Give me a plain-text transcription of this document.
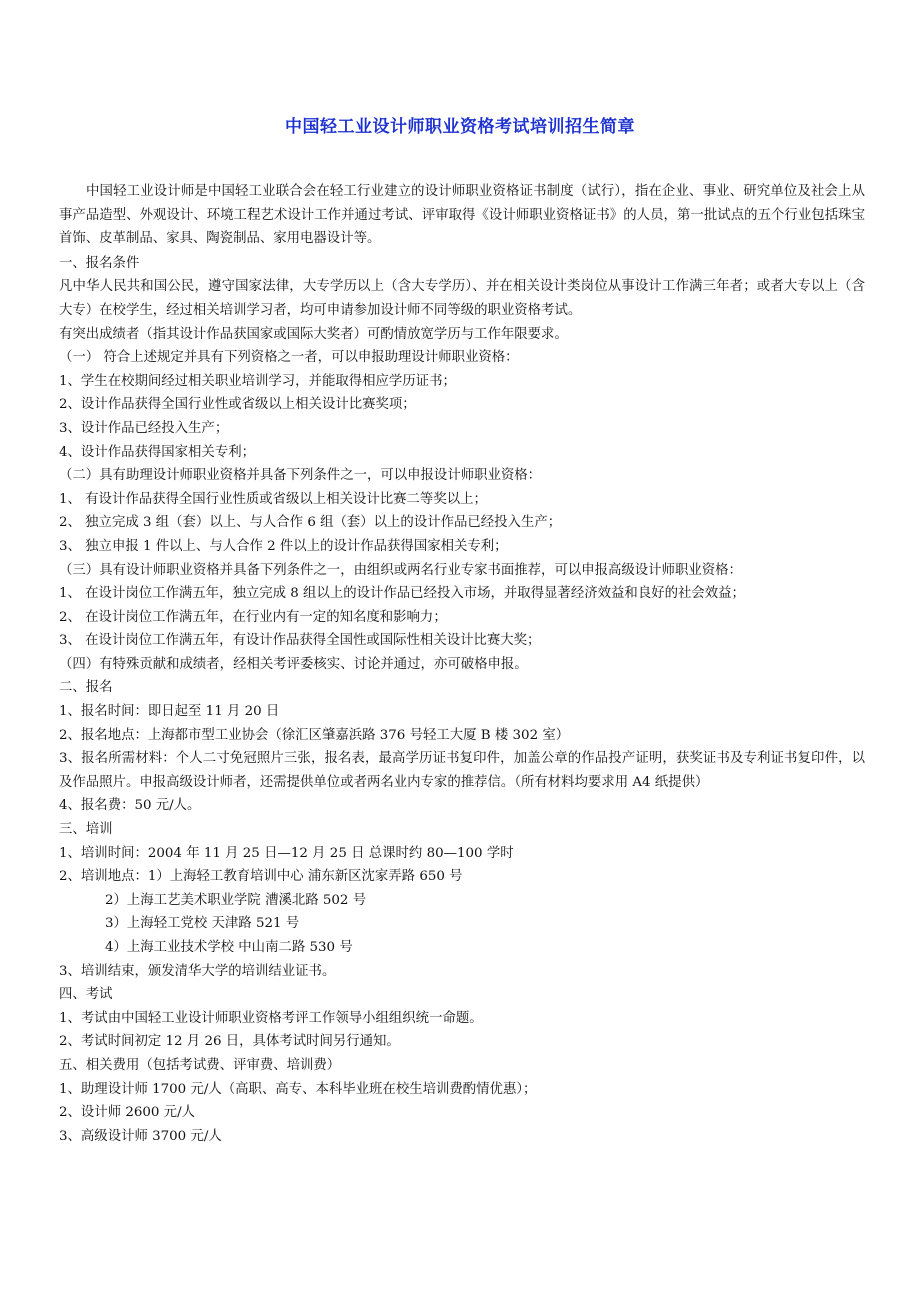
中国轻工业设计师职业资格考试培训招生简章

中国轻工业设计师是中国轻工业联合会在轻工行业建立的设计师职业资格证书制度（试行），指在企业、事业、研究单位及社会上从事产品造型、外观设计、环境工程艺术设计工作并通过考试、评审取得《设计师职业资格证书》的人员，第一批试点的五个行业包括珠宝首饰、皮革制品、家具、陶瓷制品、家用电器设计等。

一、报名条件

凡中华人民共和国公民，遵守国家法律，大专学历以上（含大专学历）、并在相关设计类岗位从事设计工作满三年者；或者大专以上（含大专）在校学生，经过相关培训学习者，均可申请参加设计师不同等级的职业资格考试。

有突出成绩者（指其设计作品获国家或国际大奖者）可酌情放宽学历与工作年限要求。

（一） 符合上述规定并具有下列资格之一者，可以申报助理设计师职业资格：

1、学生在校期间经过相关职业培训学习，并能取得相应学历证书；

2、设计作品获得全国行业性或省级以上相关设计比赛奖项；

3、设计作品已经投入生产；

4、设计作品获得国家相关专利；

（二）具有助理设计师职业资格并具备下列条件之一，可以申报设计师职业资格：

1、 有设计作品获得全国行业性质或省级以上相关设计比赛二等奖以上；

2、 独立完成 3 组（套）以上、与人合作 6 组（套）以上的设计作品已经投入生产；

3、 独立申报 1 件以上、与人合作 2 件以上的设计作品获得国家相关专利；

（三）具有设计师职业资格并具备下列条件之一，由组织或两名行业专家书面推荐，可以申报高级设计师职业资格：

1、 在设计岗位工作满五年，独立完成 8 组以上的设计作品已经投入市场，并取得显著经济效益和良好的社会效益；

2、 在设计岗位工作满五年，在行业内有一定的知名度和影响力；

3、 在设计岗位工作满五年，有设计作品获得全国性或国际性相关设计比赛大奖；

（四）有特殊贡献和成绩者，经相关考评委核实、讨论并通过，亦可破格申报。

二、报名

1、报名时间：即日起至 11 月 20 日

2、报名地点：上海都市型工业协会（徐汇区肇嘉浜路 376 号轻工大厦 B 楼 302 室）

3、报名所需材料：个人二寸免冠照片三张，报名表，最高学历证书复印件，加盖公章的作品投产证明，获奖证书及专利证书复印件，以及作品照片。申报高级设计师者，还需提供单位或者两名业内专家的推荐信。（所有材料均要求用 A4 纸提供）

4、报名费：50 元/人。

三、培训

1、培训时间：2004 年 11 月 25 日—12 月 25 日 总课时约 80—100 学时

2、培训地点：1）上海轻工教育培训中心 浦东新区沈家弄路 650 号

2）上海工艺美术职业学院 漕溪北路 502 号

3）上海轻工党校 天津路 521 号

4）上海工业技术学校 中山南二路 530 号

3、培训结束，颁发清华大学的培训结业证书。

四、考试

1、考试由中国轻工业设计师职业资格考评工作领导小组组织统一命题。

2、考试时间初定 12 月 26 日，具体考试时间另行通知。

五、相关费用（包括考试费、评审费、培训费）

1、助理设计师 1700 元/人（高职、高专、本科毕业班在校生培训费酌情优惠）；

2、设计师 2600 元/人

3、高级设计师 3700 元/人
